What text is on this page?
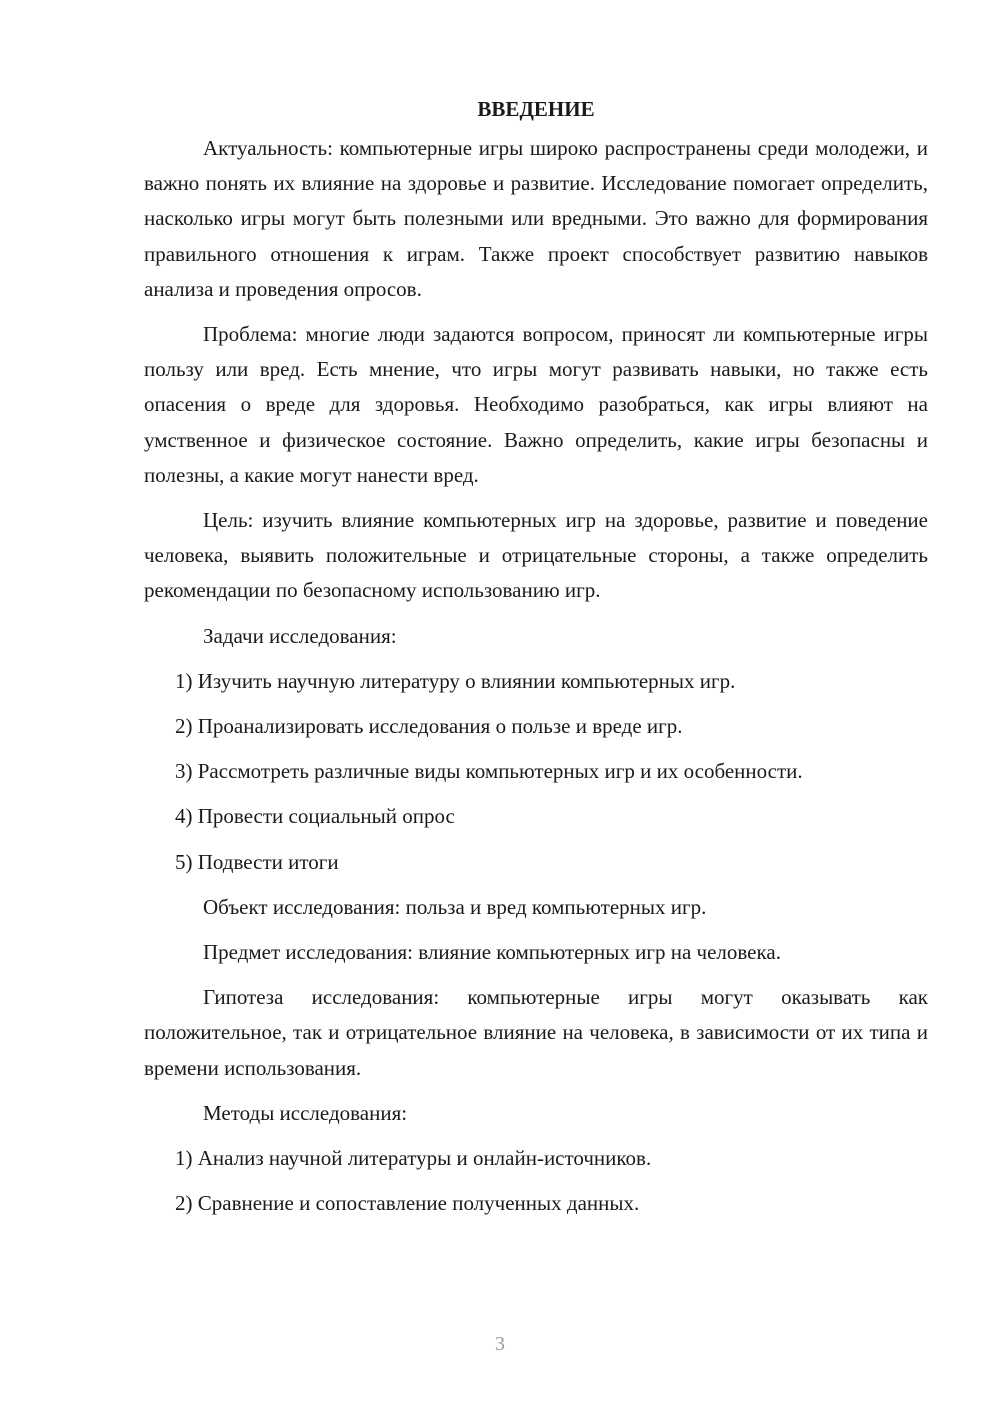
ВВЕДЕНИЕ

Актуальность: компьютерные игры широко распространены среди молодежи, и важно понять их влияние на здоровье и развитие. Исследование помогает определить, насколько игры могут быть полезными или вредными. Это важно для формирования правильного отношения к играм. Также проект способствует развитию навыков анализа и проведения опросов.

Проблема: многие люди задаются вопросом, приносят ли компьютерные игры пользу или вред. Есть мнение, что игры могут развивать навыки, но также есть опасения о вреде для здоровья. Необходимо разобраться, как игры влияют на умственное и физическое состояние. Важно определить, какие игры безопасны и полезны, а какие могут нанести вред.

Цель: изучить влияние компьютерных игр на здоровье, развитие и поведение человека, выявить положительные и отрицательные стороны, а также определить рекомендации по безопасному использованию игр.

Задачи исследования:
1) Изучить научную литературу о влиянии компьютерных игр.
2) Проанализировать исследования о пользе и вреде игр.
3) Рассмотреть различные виды компьютерных игр и их особенности.
4) Провести социальный опрос
5) Подвести итоги
Объект исследования: польза и вред компьютерных игр.
Предмет исследования: влияние компьютерных игр на человека.

Гипотеза исследования: компьютерные игры могут оказывать как положительное, так и отрицательное влияние на человека, в зависимости от их типа и времени использования.

Методы исследования:
1) Анализ научной литературы и онлайн-источников.
2) Сравнение и сопоставление полученных данных.
3
